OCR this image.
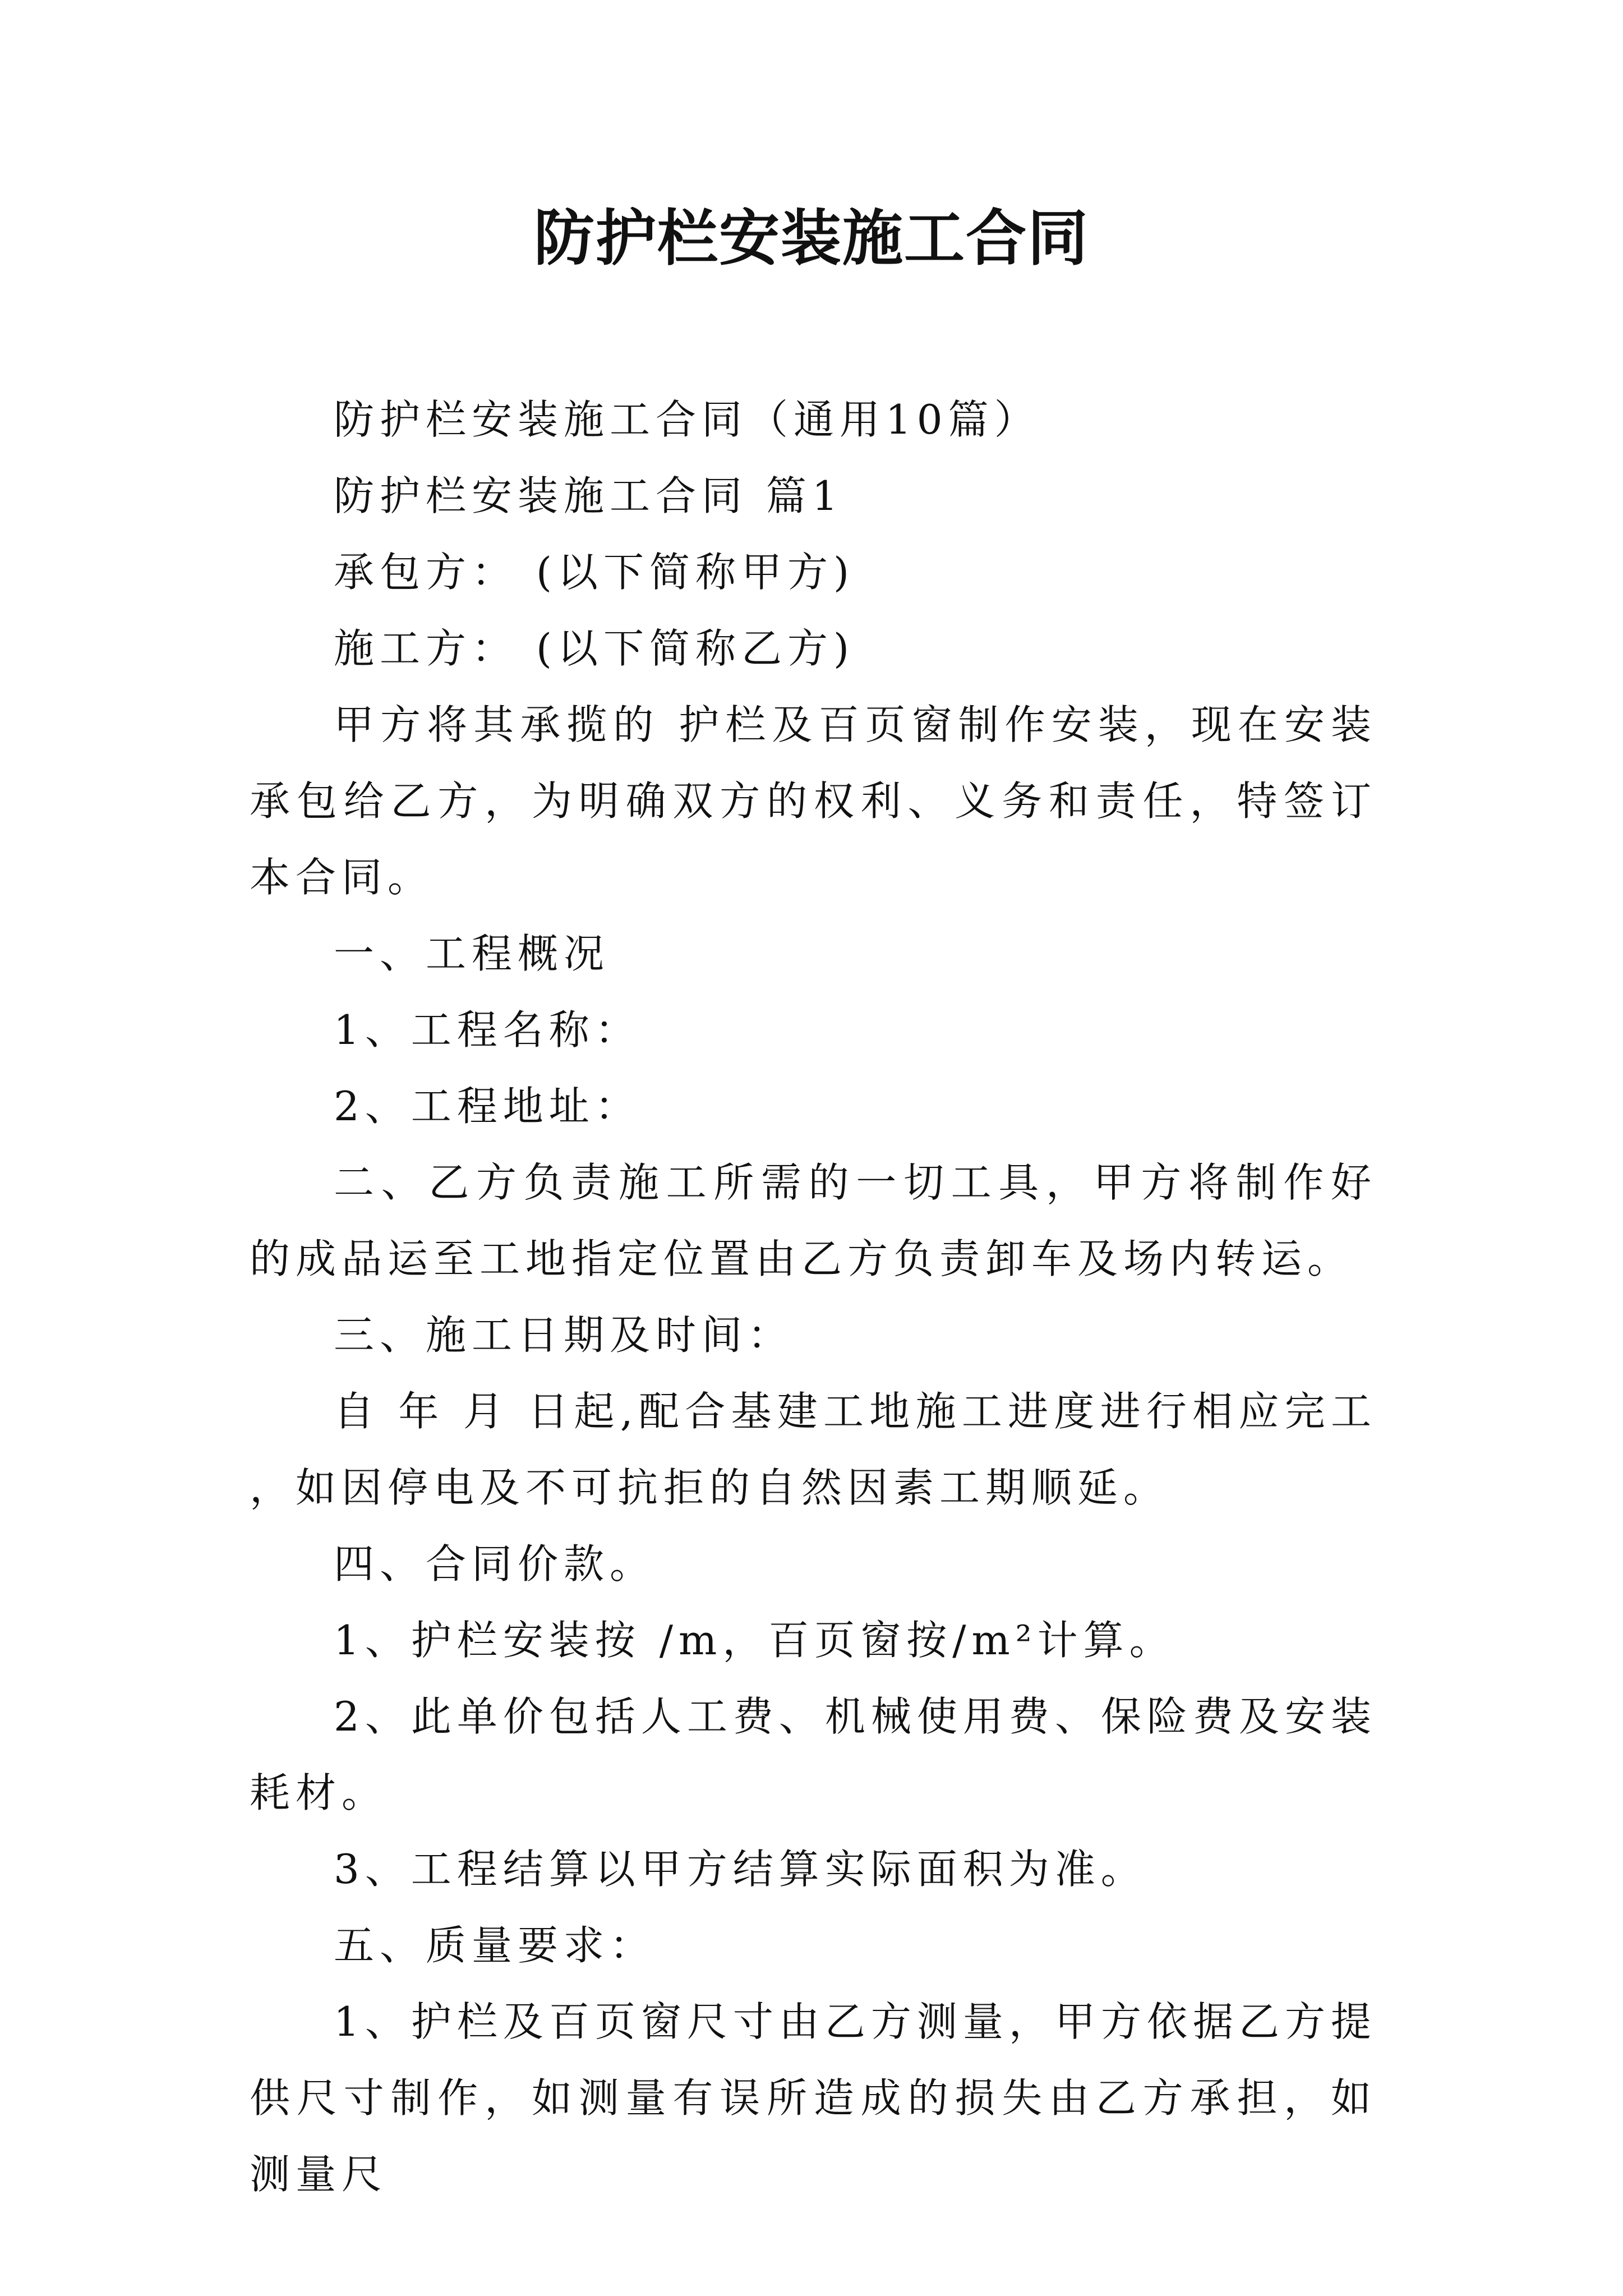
防护栏安装施工合同

防护栏安装施工合同（通用10篇）

防护栏安装施工合同 篇1

承包方： (以下简称甲方)

施工方： (以下简称乙方)

甲方将其承揽的 护栏及百页窗制作安装，现在安装承包给乙方，为明确双方的权利、义务和责任，特签订本合同。

一、工程概况

1、工程名称：

2、工程地址：

二、乙方负责施工所需的一切工具，甲方将制作好的成品运至工地指定位置由乙方负责卸车及场内转运。

三、施工日期及时间：

自 年 月 日起,配合基建工地施工进度进行相应完工 ，如因停电及不可抗拒的自然因素工期顺延。

四、合同价款。

1、护栏安装按 /m，百页窗按/m²计算。

2、此单价包括人工费、机械使用费、保险费及安装耗材。

3、工程结算以甲方结算实际面积为准。

五、质量要求：

1、护栏及百页窗尺寸由乙方测量，甲方依据乙方提供尺寸制作，如测量有误所造成的损失由乙方承担，如测量尺
